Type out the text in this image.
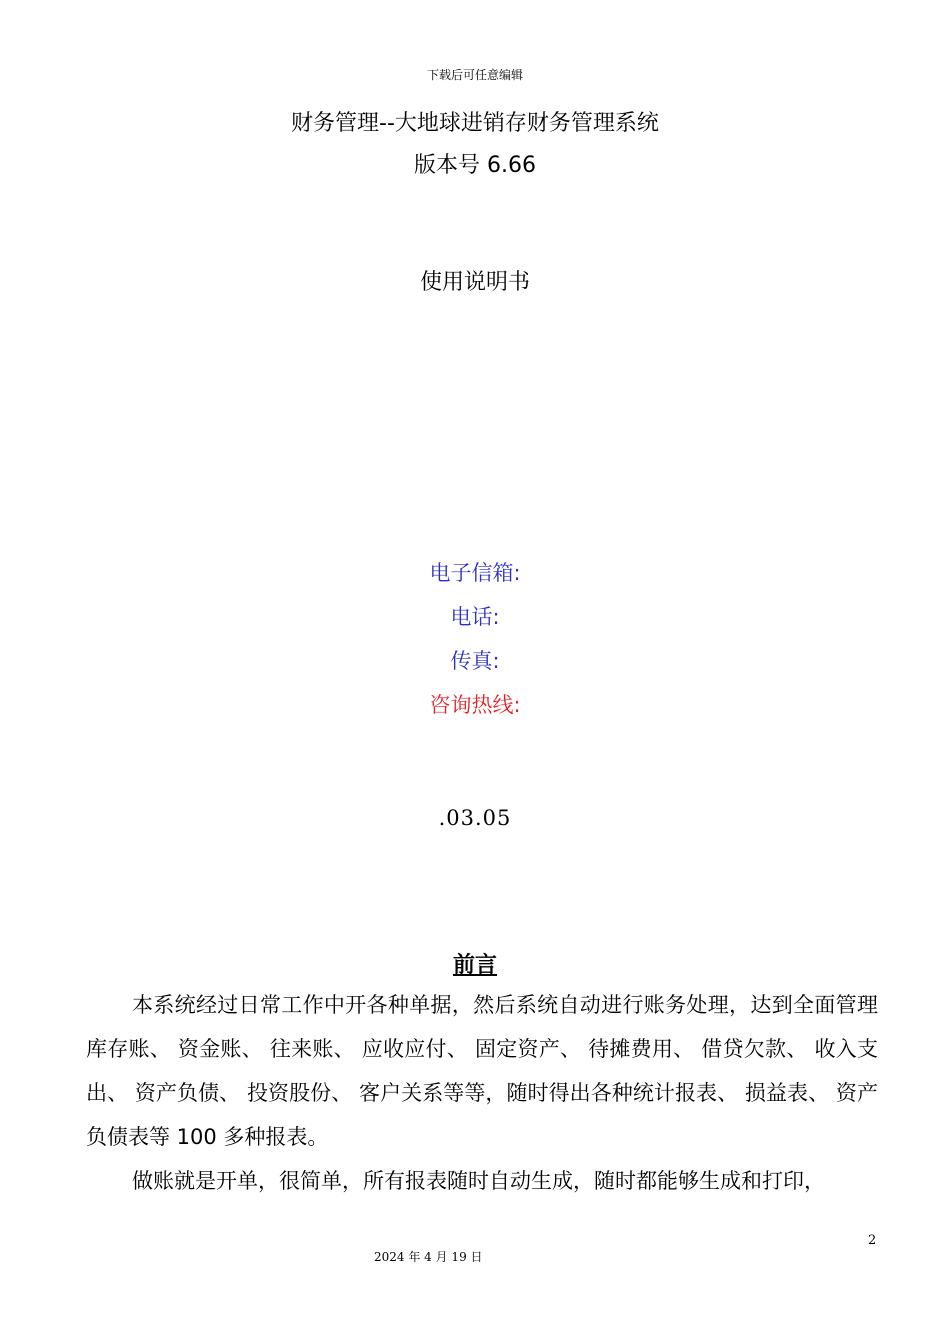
下载后可任意编辑
财务管理--大地球进销存财务管理系统
版本号 6.66
使用说明书
电子信箱:
电话:
传真:
咨询热线:
.03.05
前言
本系统经过日常工作中开各种单据，然后系统自动进行账务处理，达到全面管理库存账、 资金账、 往来账、 应收应付、 固定资产、 待摊费用、 借贷欠款、 收入支出、 资产负债、 投资股份、 客户关系等等，随时得出各种统计报表、 损益表、 资产负债表等 100 多种报表。
做账就是开单，很简单，所有报表随时自动生成，随时都能够生成和打印，
2
2024 年 4 月 19 日
